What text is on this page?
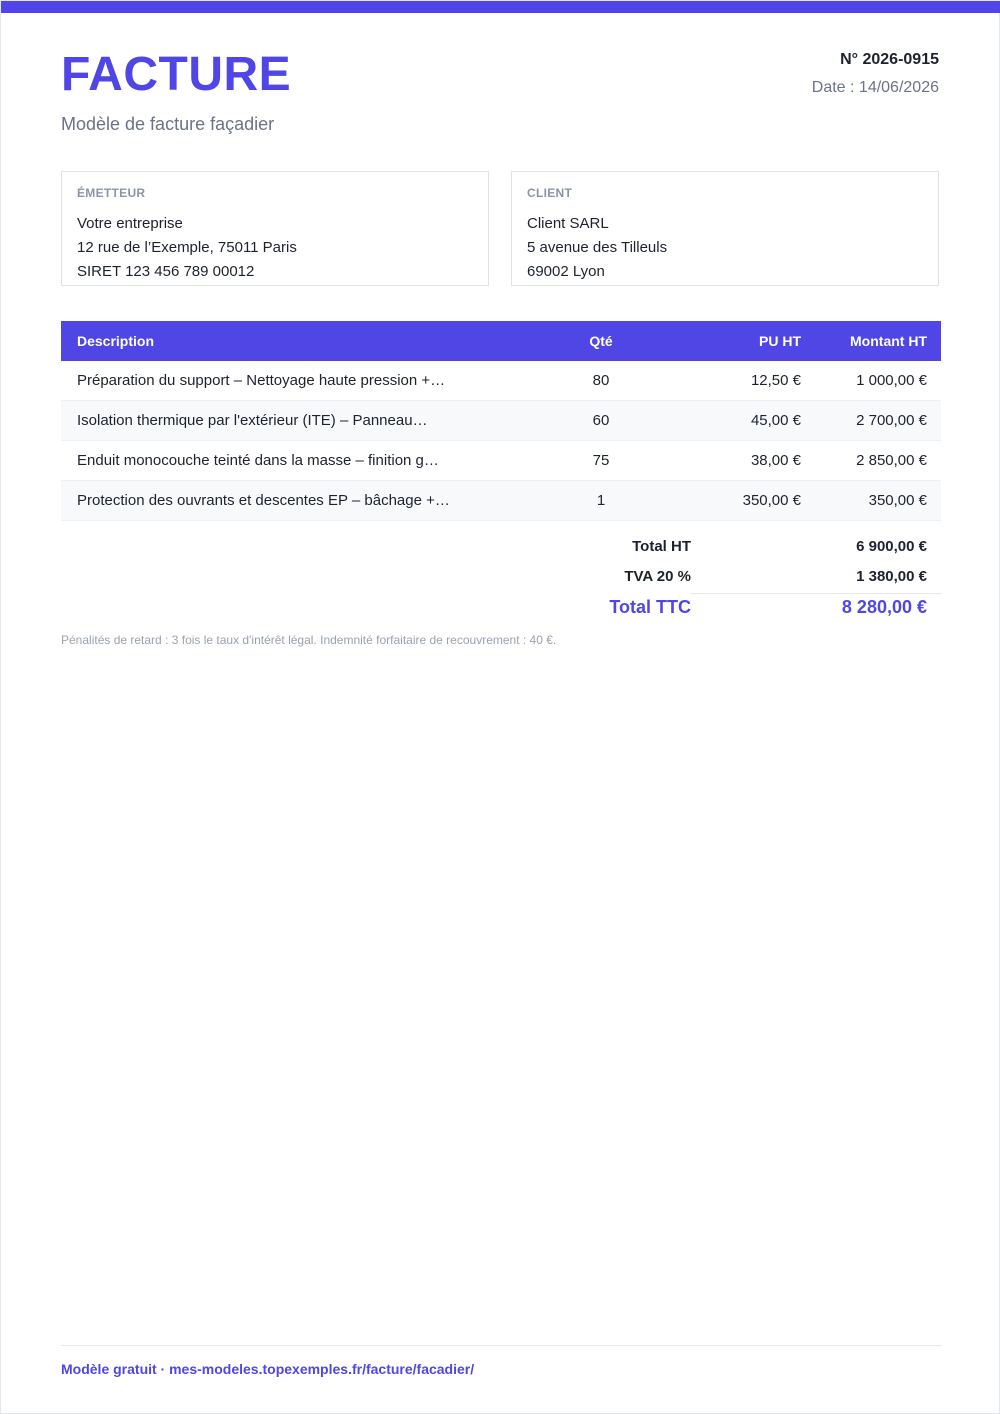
FACTURE
Modèle de facture façadier
N° 2026-0915
Date : 14/06/2026
ÉMETTEUR
Votre entreprise
12 rue de l’Exemple, 75011 Paris
SIRET 123 456 789 00012
CLIENT
Client SARL
5 avenue des Tilleuls
69002 Lyon
Description	Qté	PU HT	Montant HT
Préparation du support – Nettoyage haute pression +…	80	12,50 €	1 000,00 €
Isolation thermique par l'extérieur (ITE) – Panneau…	60	45,00 €	2 700,00 €
Enduit monocouche teinté dans la masse – finition g…	75	38,00 €	2 850,00 €
Protection des ouvrants et descentes EP – bâchage +…	1	350,00 €	350,00 €
Total HT	6 900,00 €
TVA 20 %	1 380,00 €
Total TTC	8 280,00 €
Pénalités de retard : 3 fois le taux d'intérêt légal. Indemnité forfaitaire de recouvrement : 40 €.
Modèle gratuit · mes-modeles.topexemples.fr/facture/facadier/
